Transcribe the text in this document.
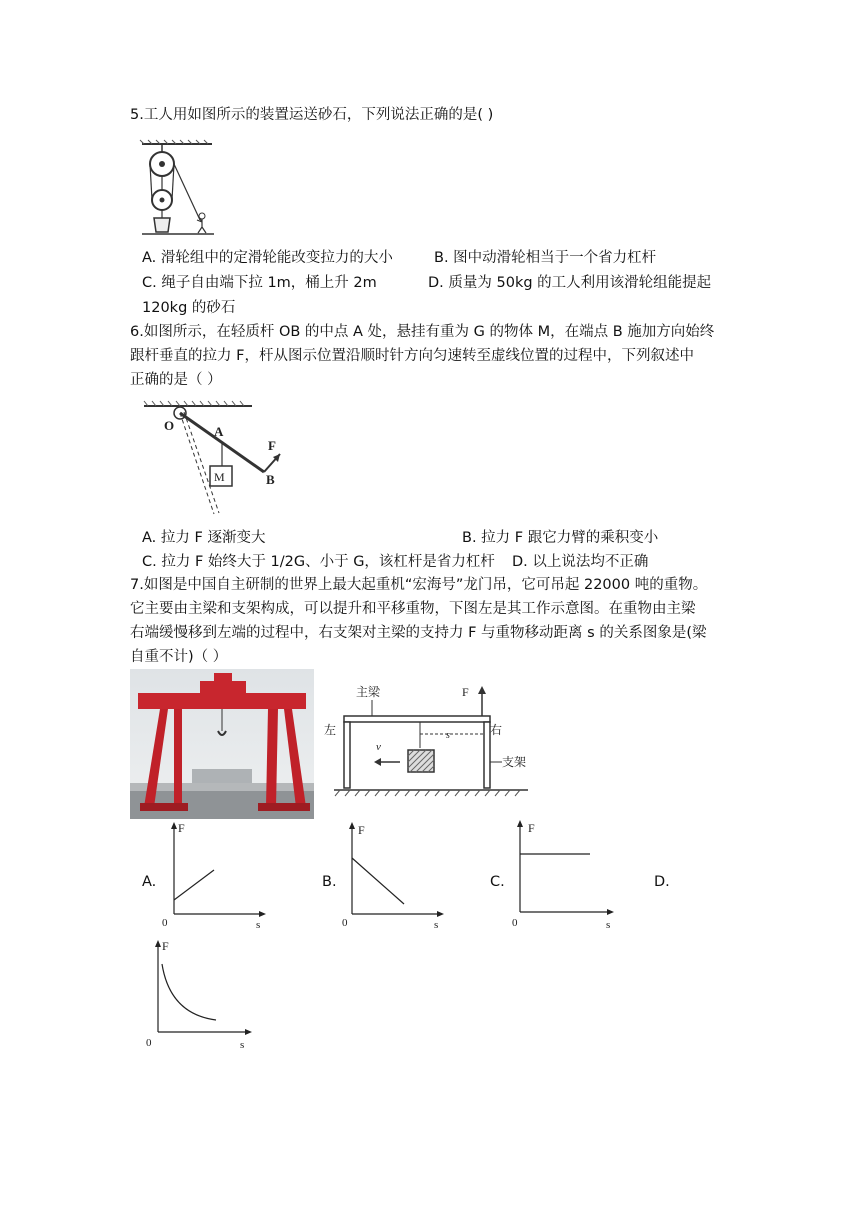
5.工人用如图所示的装置运送砂石，下列说法正确的是( )
A. 滑轮组中的定滑轮能改变拉力的大小	B. 图中动滑轮相当于一个省力杠杆
C. 绳子自由端下拉 1m，桶上升 2m	D. 质量为 50kg 的工人利用该滑轮组能提起
120kg 的砂石
6.如图所示，在轻质杆 OB 的中点 A 处，悬挂有重为 G 的物体 M，在端点 B 施加方向始终
跟杆垂直的拉力 F，杆从图示位置沿顺时针方向匀速转至虚线位置的过程中，下列叙述中
正确的是（ ）
O	A
M
F
B
A. 拉力 F 逐渐变大	B. 拉力 F 跟它力臂的乘积变小
C. 拉力 F 始终大于 1/2G、小于 G，该杠杆是省力杠杆 D. 以上说法均不正确
7.如图是中国自主研制的世界上最大起重机“宏海号”龙门吊，它可吊起 22000 吨的重物。
它主要由主梁和支架构成，可以提升和平移重物，下图左是其工作示意图。在重物由主梁
右端缓慢移到左端的过程中，右支架对主梁的支持力 F 与重物移动距离 s 的关系图象是(梁
自重不计)（ ）
主梁
左	右
F
s
v
支架
A.	B.	C.	D.
F
s
0
F
s
0
F
s
0
F
s
0
